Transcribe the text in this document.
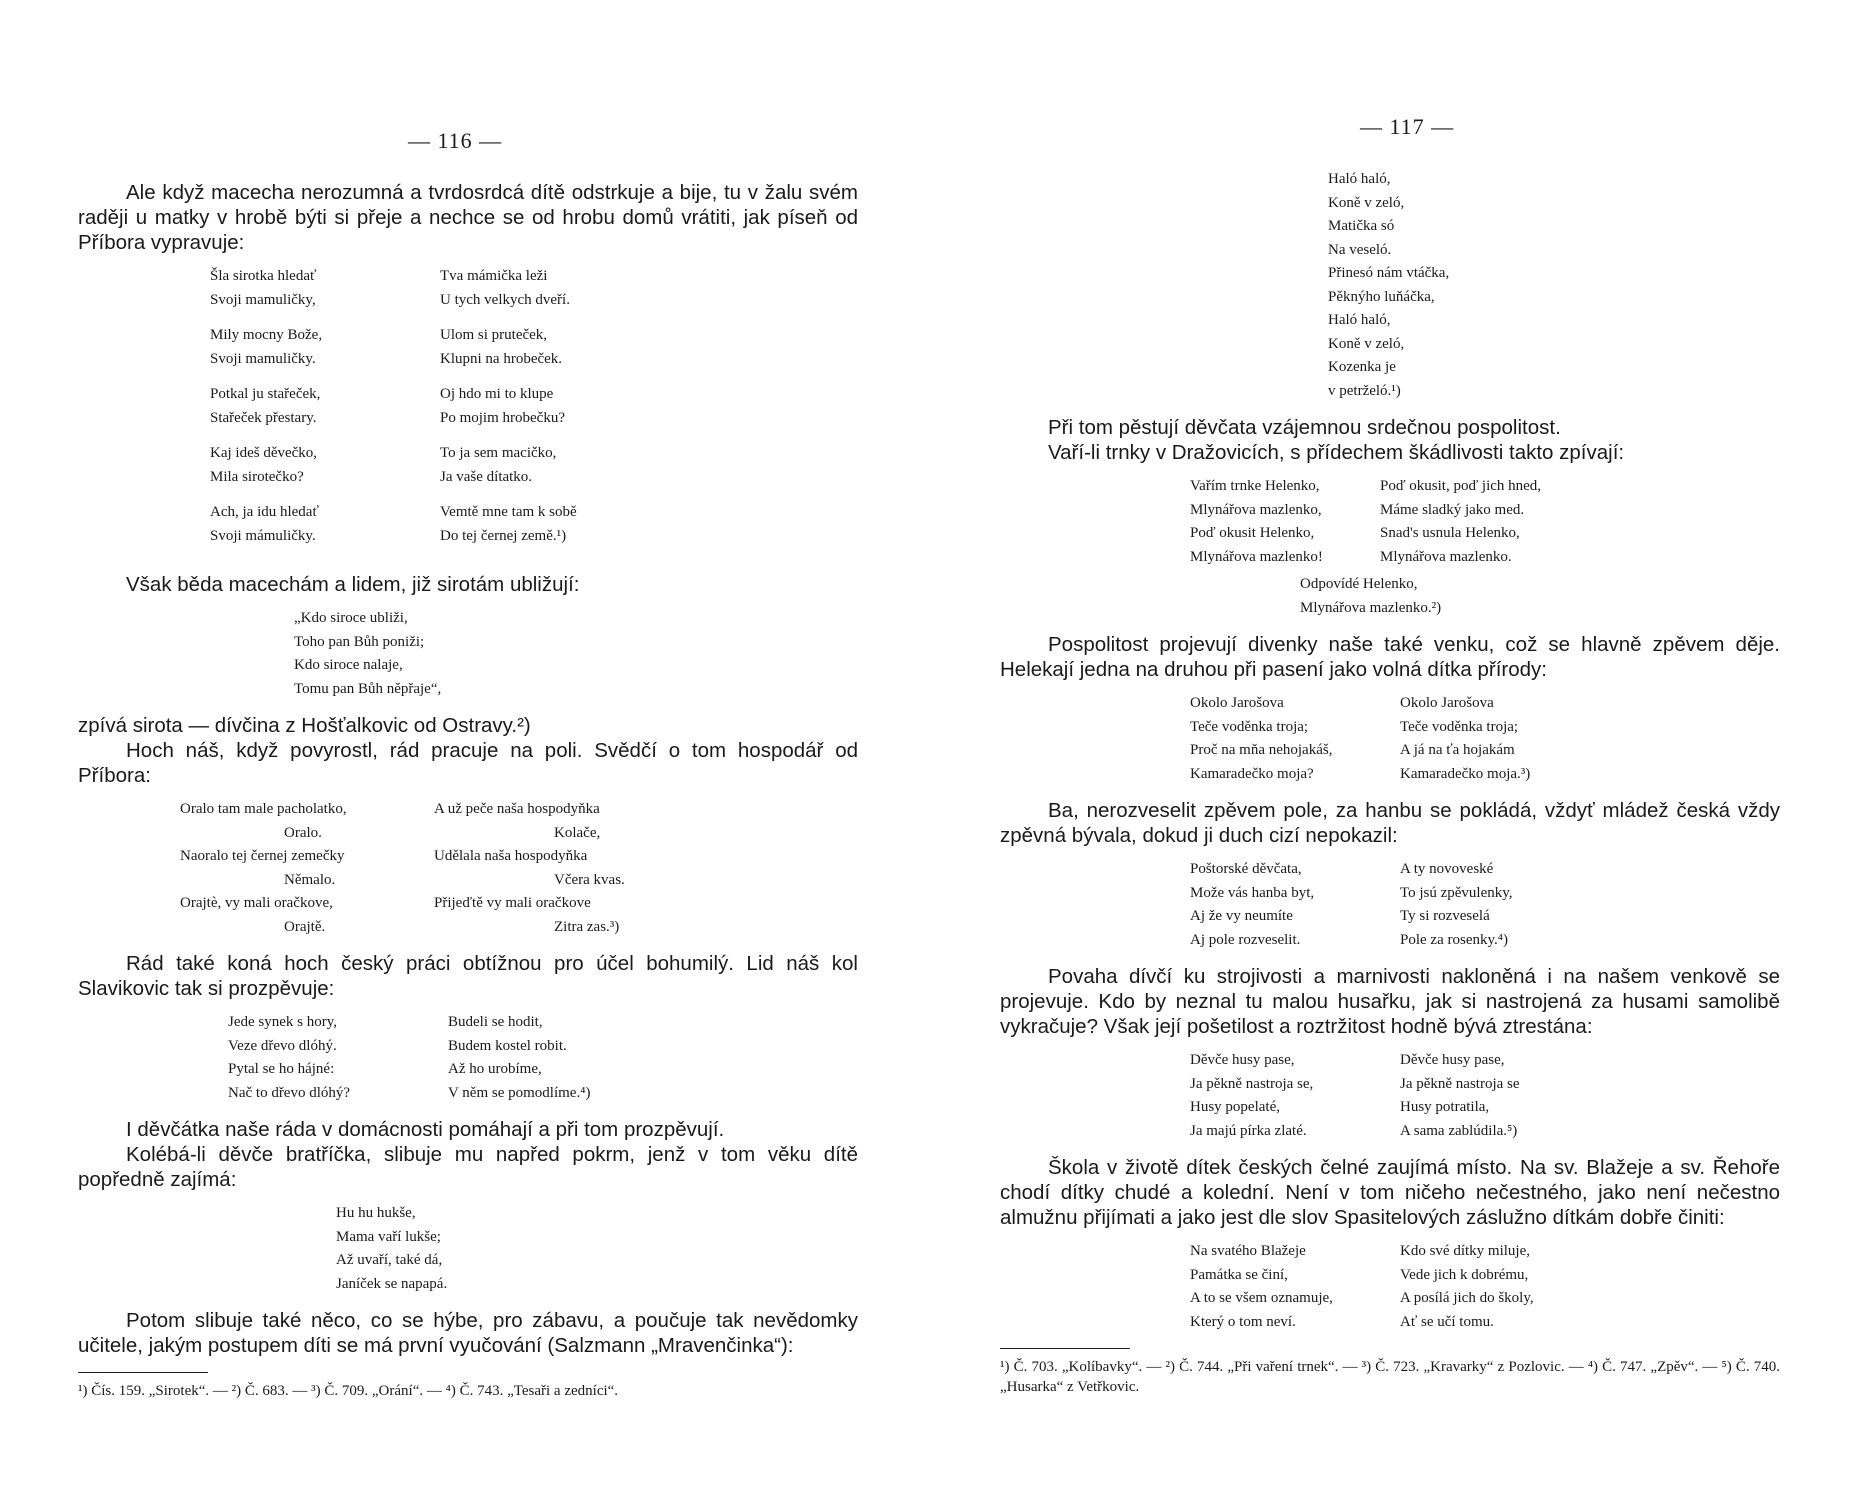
— 116 —

Ale když macecha nerozumná a tvrdosrdcá dítě odstrkuje a bije, tu v žalu svém raději u matky v hrobě býti si přeje a nechce se od hrobu domů vrátiti, jak píseň od Příbora vypravuje:

Šla sirotka hledať
Svoji mamuličky,
Mily mocny Bože,
Svoji mamuličky.
Potkal ju stařeček,
Stařeček přestary.
Kaj ideš děvečko,
Mila sirotečko?
Ach, ja idu hledať
Svoji mámuličky.
Tva mámička leži
U tych velkych dveří.
Ulom si prutеček,
Klupni na hrobeček.
Oj hdo mi to klupe
Po mojim hrobečku?
To ja sem macičko,
Ja vaše dítatko.
Vemtě mne tam k sobě
Do tej černej země.¹)

Však běda macechám a lidem, již sirotám ubližují:

„Kdo siroce ubliži,
Toho pan Bůh poniži;
Kdo siroce nalaje,
Tomu pan Bůh něpřaje“,

zpívá sirota — dívčina z Hošťalkovic od Ostravy.²)

Hoch náš, když povyrostl, rád pracuje na poli. Svědčí o tom hospodář od Příbora:

Oralo tam male pacholatko,
Oralo.
Naoralo tej černej zemečky
Němalo.
Orajtè, vy mali oračkove,
Orajtě.
A už peče naša hospodyňka
Kolače,
Udělala naša hospodyňka
Včera kvas.
Přijeďtě vy mali oračkove
Zitra zas.³)

Rád také koná hoch český práci obtížnou pro účel bohumilý. Lid náš kol Slavikovic tak si prozpěvuje:

Jede synek s hory,
Veze dřevo dlóhý.
Pytal se ho hájné:
Nač to dřevo dlóhý?
Budeli se hodit,
Budem kostel robit.
Až ho urobíme,
V něm se pomodlíme.⁴)

I děvčátka naše ráda v domácnosti pomáhají a při tom prozpěvují.

Kolébá-li děvče bratříčka, slibuje mu napřed pokrm, jenž v tom věku dítě popředně zajímá:

Hu hu hukše,
Mama vaří lukše;
Až uvaří, také dá,
Janíček se napapá.

Potom slibuje také něco, co se hýbe, pro zábavu, a poučuje tak nevědomky učitele, jakým postupem díti se má první vyučování (Salzmann „Mravenčinka“):

¹) Čís. 159. „Sirotek“. — ²) Č. 683. — ³) Č. 709. „Orání“. — ⁴) Č. 743. „Tesaři a zedníci“.
— 117 —
Haló haló,
Koně v zeló,
Matička só
Na veseló.
Přinesó nám vtáčka,
Pěknýho luňáčka,
Haló haló,
Koně v zeló,
Kozenka je
v petrželó.¹)

Při tom pěstují děvčata vzájemnou srdečnou pospolitost.

Vaří-li trnky v Dražovicích, s přídechem škádlivosti takto zpívají:

Vařím trnke Helenko,
Mlynářova mazlenko,
Poď okusit Helenko,
Mlynářova mazlenko!
Poď okusit, poď jich hned,
Máme sladký jako med.
Snad's usnula Helenko,
Mlynářova mazlenko.
Odpovídé Helenko,
Mlynářova mazlenko.²)

Pospolitost projevují divenky naše také venku, což se hlavně zpěvem děje. Helekají jedna na druhou při pasení jako volná dítka přírody:

Okolo Jarošova
Teče voděnka troja;
Proč na mňa nehojakáš,
Kamaradečko moja?
Okolo Jarošova
Teče voděnka troja;
A já na ťa hojakám
Kamaradečko moja.³)

Ba, nerozveselit zpěvem pole, za hanbu se pokládá, vždyť mládež česká vždy zpěvná bývala, dokud ji duch cizí nepokazil:

Poštorské děvčata,
Može vás hanba byt,
Aj že vy neumíte
Aj pole rozveselit.
A ty novoveské
To jsú zpěvulenky,
Ty si rozveselá
Pole za rosenky.⁴)

Povaha dívčí ku strojivosti a marnivosti nakloněná i na našem venkově se projevuje. Kdo by neznal tu malou husařku, jak si nastrojená za husami samolibě vykračuje? Však její pošetilost a roztržitost hodně bývá ztrestána:

Děvče husy pase,
Ja pěkně nastroja se,
Husy popelaté,
Ja majú pírka zlaté.
Děvče husy pase,
Ja pěkně nastroja se
Husy potratila,
A sama zablúdila.⁵)

Škola v životě dítek českých čelné zaujímá místo. Na sv. Blažeje a sv. Řehoře chodí dítky chudé a kolední. Není v tom ničeho nečestného, jako není nečestno almužnu přijímati a jako jest dle slov Spasitelových záslužno dítkám dobře činiti:

Na svatého Blažeje
Památka se činí,
A to se všem oznamuje,
Který o tom neví.
Kdo své dítky miluje,
Vede jich k dobrému,
A posílá jich do školy,
Ať se učí tomu.
¹) Č. 703. „Kolíbavky“. — ²) Č. 744. „Při vaření trnek“. — ³) Č. 723. „Kravarky“ z Pozlovic. — ⁴) Č. 747. „Zpěv“. — ⁵) Č. 740. „Husarka“ z Vetřkovic.
